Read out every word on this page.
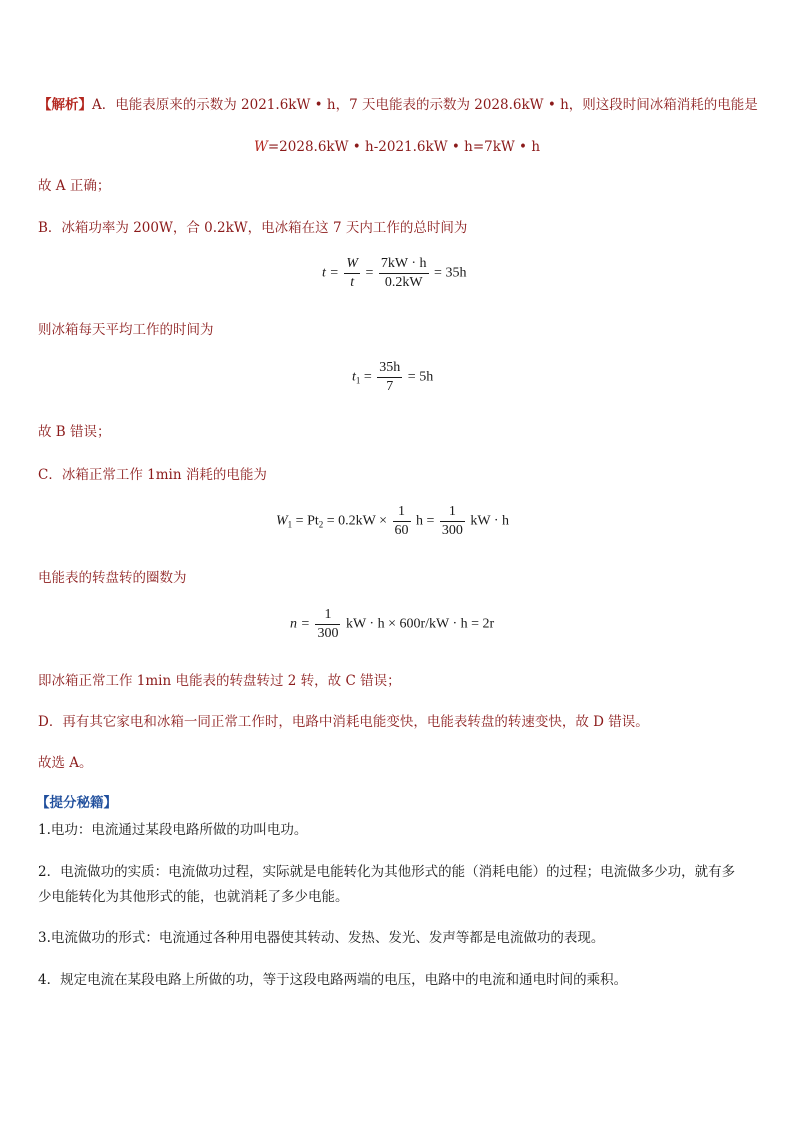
【解析】A．电能表原来的示数为 2021.6kW • h，7 天电能表的示数为 2028.6kW • h，则这段时间冰箱消耗的电能是
W=2028.6kW • h-2021.6kW • h=7kW • h
故 A 正确；
B．冰箱功率为 200W，合 0.2kW，电冰箱在这 7 天内工作的总时间为
$t = \frac{W}{t} = \frac{7kW \cdot h}{0.2kW} = 35h$
则冰箱每天平均工作的时间为
$t_1 = \frac{35h}{7} = 5h$
故 B 错误；
C．冰箱正常工作 1min 消耗的电能为
$W_1 = Pt_2 = 0.2kW \times \frac{1}{60}$ $h = \frac{1}{300}$ kW · h
电能表的转盘转的圈数为
$n = \frac{1}{300}$ kW · h × 600r/kW · h = 2r
即冰箱正常工作 1min 电能表的转盘转过 2 转，故 C 错误；
D．再有其它家电和冰箱一同正常工作时，电路中消耗电能变快，电能表转盘的转速变快，故 D 错误。
故选 A。
【提分秘籍】
1.电功：电流通过某段电路所做的功叫电功。
2．电流做功的实质：电流做功过程，实际就是电能转化为其他形式的能（消耗电能）的过程；电流做多少功，就有多
少电能转化为其他形式的能，也就消耗了多少电能。
3.电流做功的形式：电流通过各种用电器使其转动、发热、发光、发声等都是电流做功的表现。
4．规定电流在某段电路上所做的功，等于这段电路两端的电压，电路中的电流和通电时间的乘积。
